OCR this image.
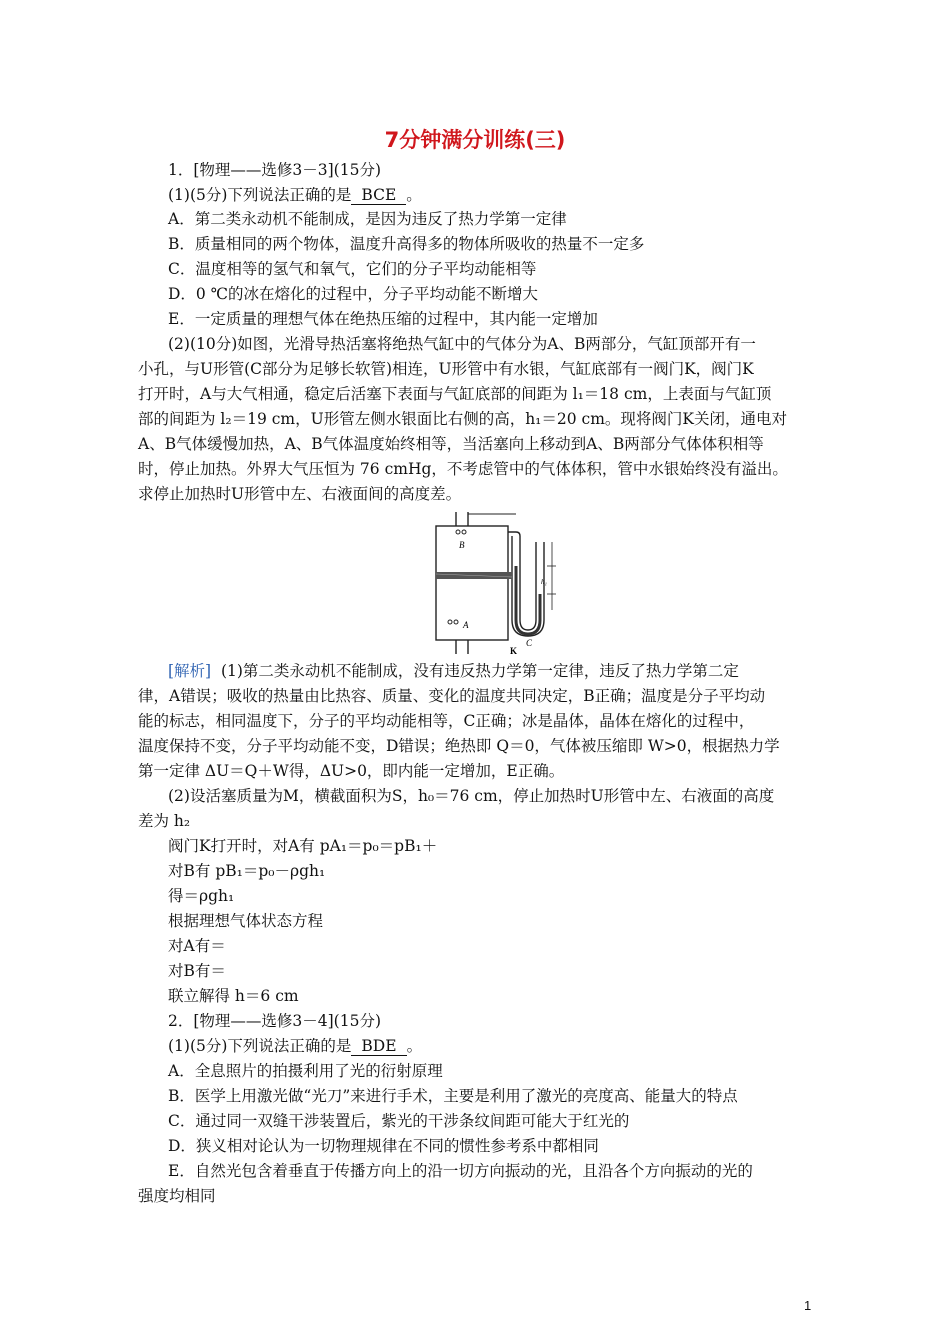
7分钟满分训练(三)
1．[物理——选修3－3](15分)
(1)(5分)下列说法正确的是 BCE 。
A．第二类永动机不能制成，是因为违反了热力学第一定律
B．质量相同的两个物体，温度升高得多的物体所吸收的热量不一定多
C．温度相等的氢气和氧气，它们的分子平均动能相等
D．0 ℃的冰在熔化的过程中，分子平均动能不断增大
E．一定质量的理想气体在绝热压缩的过程中，其内能一定增加
(2)(10分)如图，光滑导热活塞将绝热气缸中的气体分为A、B两部分，气缸顶部开有一
小孔，与U形管(C部分为足够长软管)相连，U形管中有水银，气缸底部有一阀门K，阀门K
打开时，A与大气相通，稳定后活塞下表面与气缸底部的间距为 l₁＝18 cm，上表面与气缸顶
部的间距为 l₂＝19 cm，U形管左侧水银面比右侧的高，h₁＝20 cm。现将阀门K关闭，通电对
A、B气体缓慢加热，A、B气体温度始终相等，当活塞向上移动到A、B两部分气体体积相等
时，停止加热。外界大气压恒为 76 cmHg，不考虑管中的气体体积，管中水银始终没有溢出。
求停止加热时U形管中左、右液面间的高度差。
B
A
h₁
K
C
[解析] (1)第二类永动机不能制成，没有违反热力学第一定律，违反了热力学第二定
律，A错误；吸收的热量由比热容、质量、变化的温度共同决定，B正确；温度是分子平均动
能的标志，相同温度下，分子的平均动能相等，C正确；冰是晶体，晶体在熔化的过程中，
温度保持不变，分子平均动能不变，D错误；绝热即 Q＝0，气体被压缩即 W>0，根据热力学
第一定律 ΔU＝Q＋W得，ΔU>0，即内能一定增加，E正确。
(2)设活塞质量为M，横截面积为S，h₀＝76 cm，停止加热时U形管中左、右液面的高度
差为 h₂
阀门K打开时，对A有 pA₁＝p₀＝pB₁＋
对B有 pB₁＝p₀－ρgh₁
得＝ρgh₁
根据理想气体状态方程
对A有＝
对B有＝
联立解得 h＝6 cm
2．[物理——选修3－4](15分)
(1)(5分)下列说法正确的是 BDE 。
A．全息照片的拍摄利用了光的衍射原理
B．医学上用激光做“光刀”来进行手术，主要是利用了激光的亮度高、能量大的特点
C．通过同一双缝干涉装置后，紫光的干涉条纹间距可能大于红光的
D．狭义相对论认为一切物理规律在不同的惯性参考系中都相同
E．自然光包含着垂直于传播方向上的沿一切方向振动的光，且沿各个方向振动的光的
强度均相同
1
